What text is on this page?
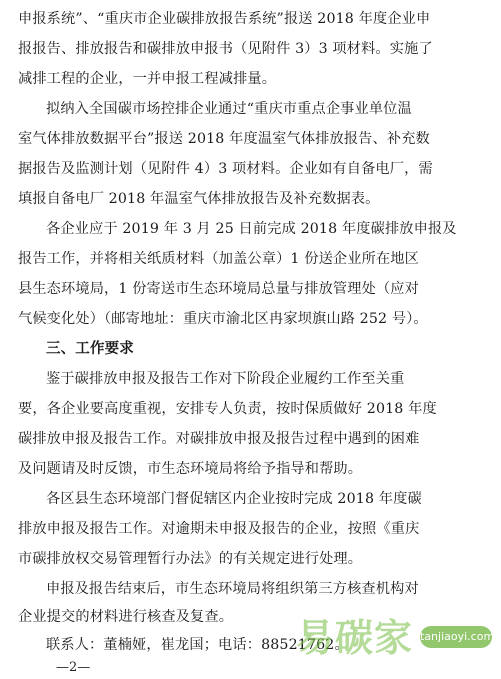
申报系统”、“重庆市企业碳排放报告系统”报送 2018 年度企业申
报报告、排放报告和碳排放申报书（见附件 3）3 项材料。实施了
减排工程的企业，一并申报工程减排量。
拟纳入全国碳市场控排企业通过“重庆市重点企事业单位温
室气体排放数据平台”报送 2018 年度温室气体排放报告、补充数
据报告及监测计划（见附件 4）3 项材料。企业如有自备电厂，需
填报自备电厂 2018 年温室气体排放报告及补充数据表。
各企业应于 2019 年 3 月 25 日前完成 2018 年度碳排放申报及
报告工作，并将相关纸质材料（加盖公章）1 份送企业所在地区
县生态环境局，1 份寄送市生态环境局总量与排放管理处（应对
气候变化处）（邮寄地址：重庆市渝北区冉家坝旗山路 252 号）。
三、工作要求
鉴于碳排放申报及报告工作对下阶段企业履约工作至关重
要，各企业要高度重视，安排专人负责，按时保质做好 2018 年度
碳排放申报及报告工作。对碳排放申报及报告过程中遇到的困难
及问题请及时反馈，市生态环境局将给予指导和帮助。
各区县生态环境部门督促辖区内企业按时完成 2018 年度碳
排放申报及报告工作。对逾期未申报及报告的企业，按照《重庆
市碳排放权交易管理暂行办法》的有关规定进行处理。
申报及报告结束后，市生态环境局将组织第三方核查机构对
企业提交的材料进行核查及复查。
联系人：董楠娅，崔龙国；电话：88521762。
—2—
易碳家 tanjiaoyi.com
